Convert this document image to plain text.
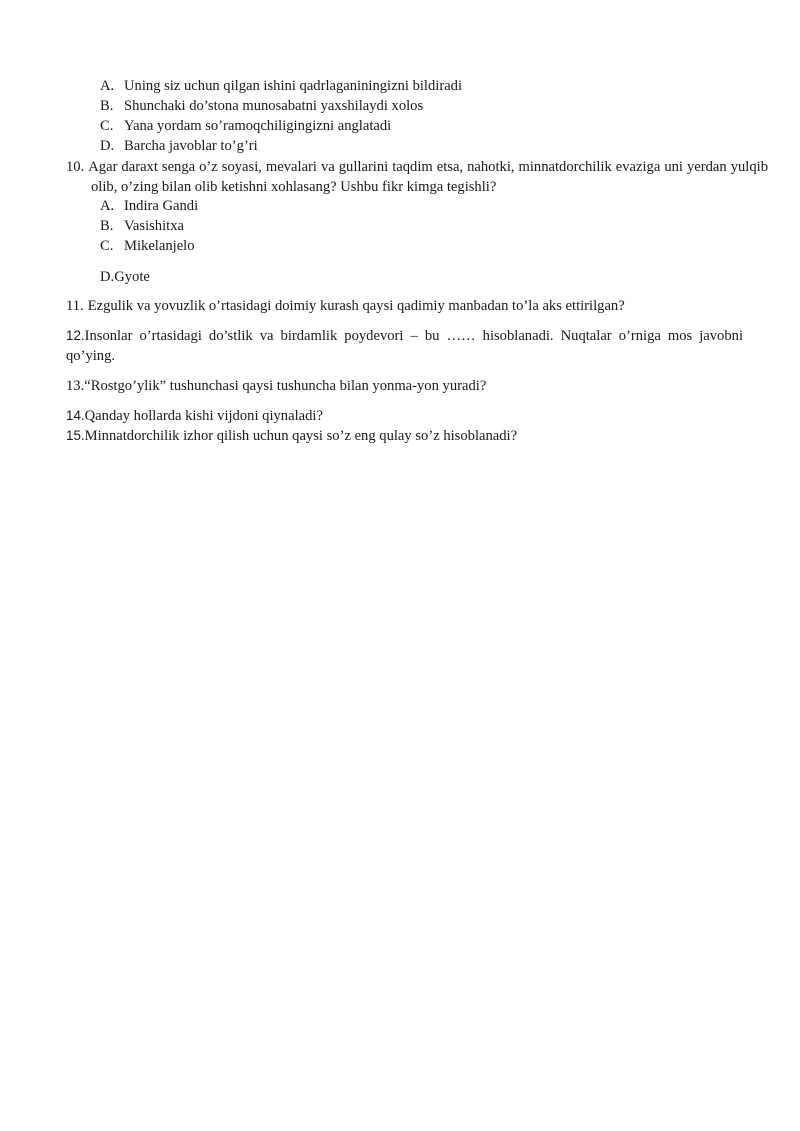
A. Uning siz uchun qilgan ishini qadrlaganiningizni bildiradi
B. Shunchaki do’stona munosabatni yaxshilaydi xolos
C. Yana yordam so’ramoqchiligingizni anglatadi
D. Barcha javoblar to’g’ri
10. Agar daraxt senga o’z soyasi, mevalari va gullarini taqdim etsa, nahotki, minnatdorchilik evaziga uni yerdan yulqib olib, o’zing bilan olib ketishni xohlasang? Ushbu fikr kimga tegishli?
A. Indira Gandi
B. Vasishitxa
C. Mikelanjelo
D.Gyote
11. Ezgulik va yovuzlik o’rtasidagi doimiy kurash qaysi qadimiy manbadan to’la aks ettirilgan?
12.Insonlar o’rtasidagi do’stlik va birdamlik poydevori – bu …… hisoblanadi. Nuqtalar o’rniga mos javobni qo’ying.
13.“Rostgo’ylik” tushunchasi qaysi tushuncha bilan yonma-yon yuradi?
14.Qanday hollarda kishi vijdoni qiynaladi?
15.Minnatdorchilik izhor qilish uchun qaysi so’z eng qulay so’z hisoblanadi?
